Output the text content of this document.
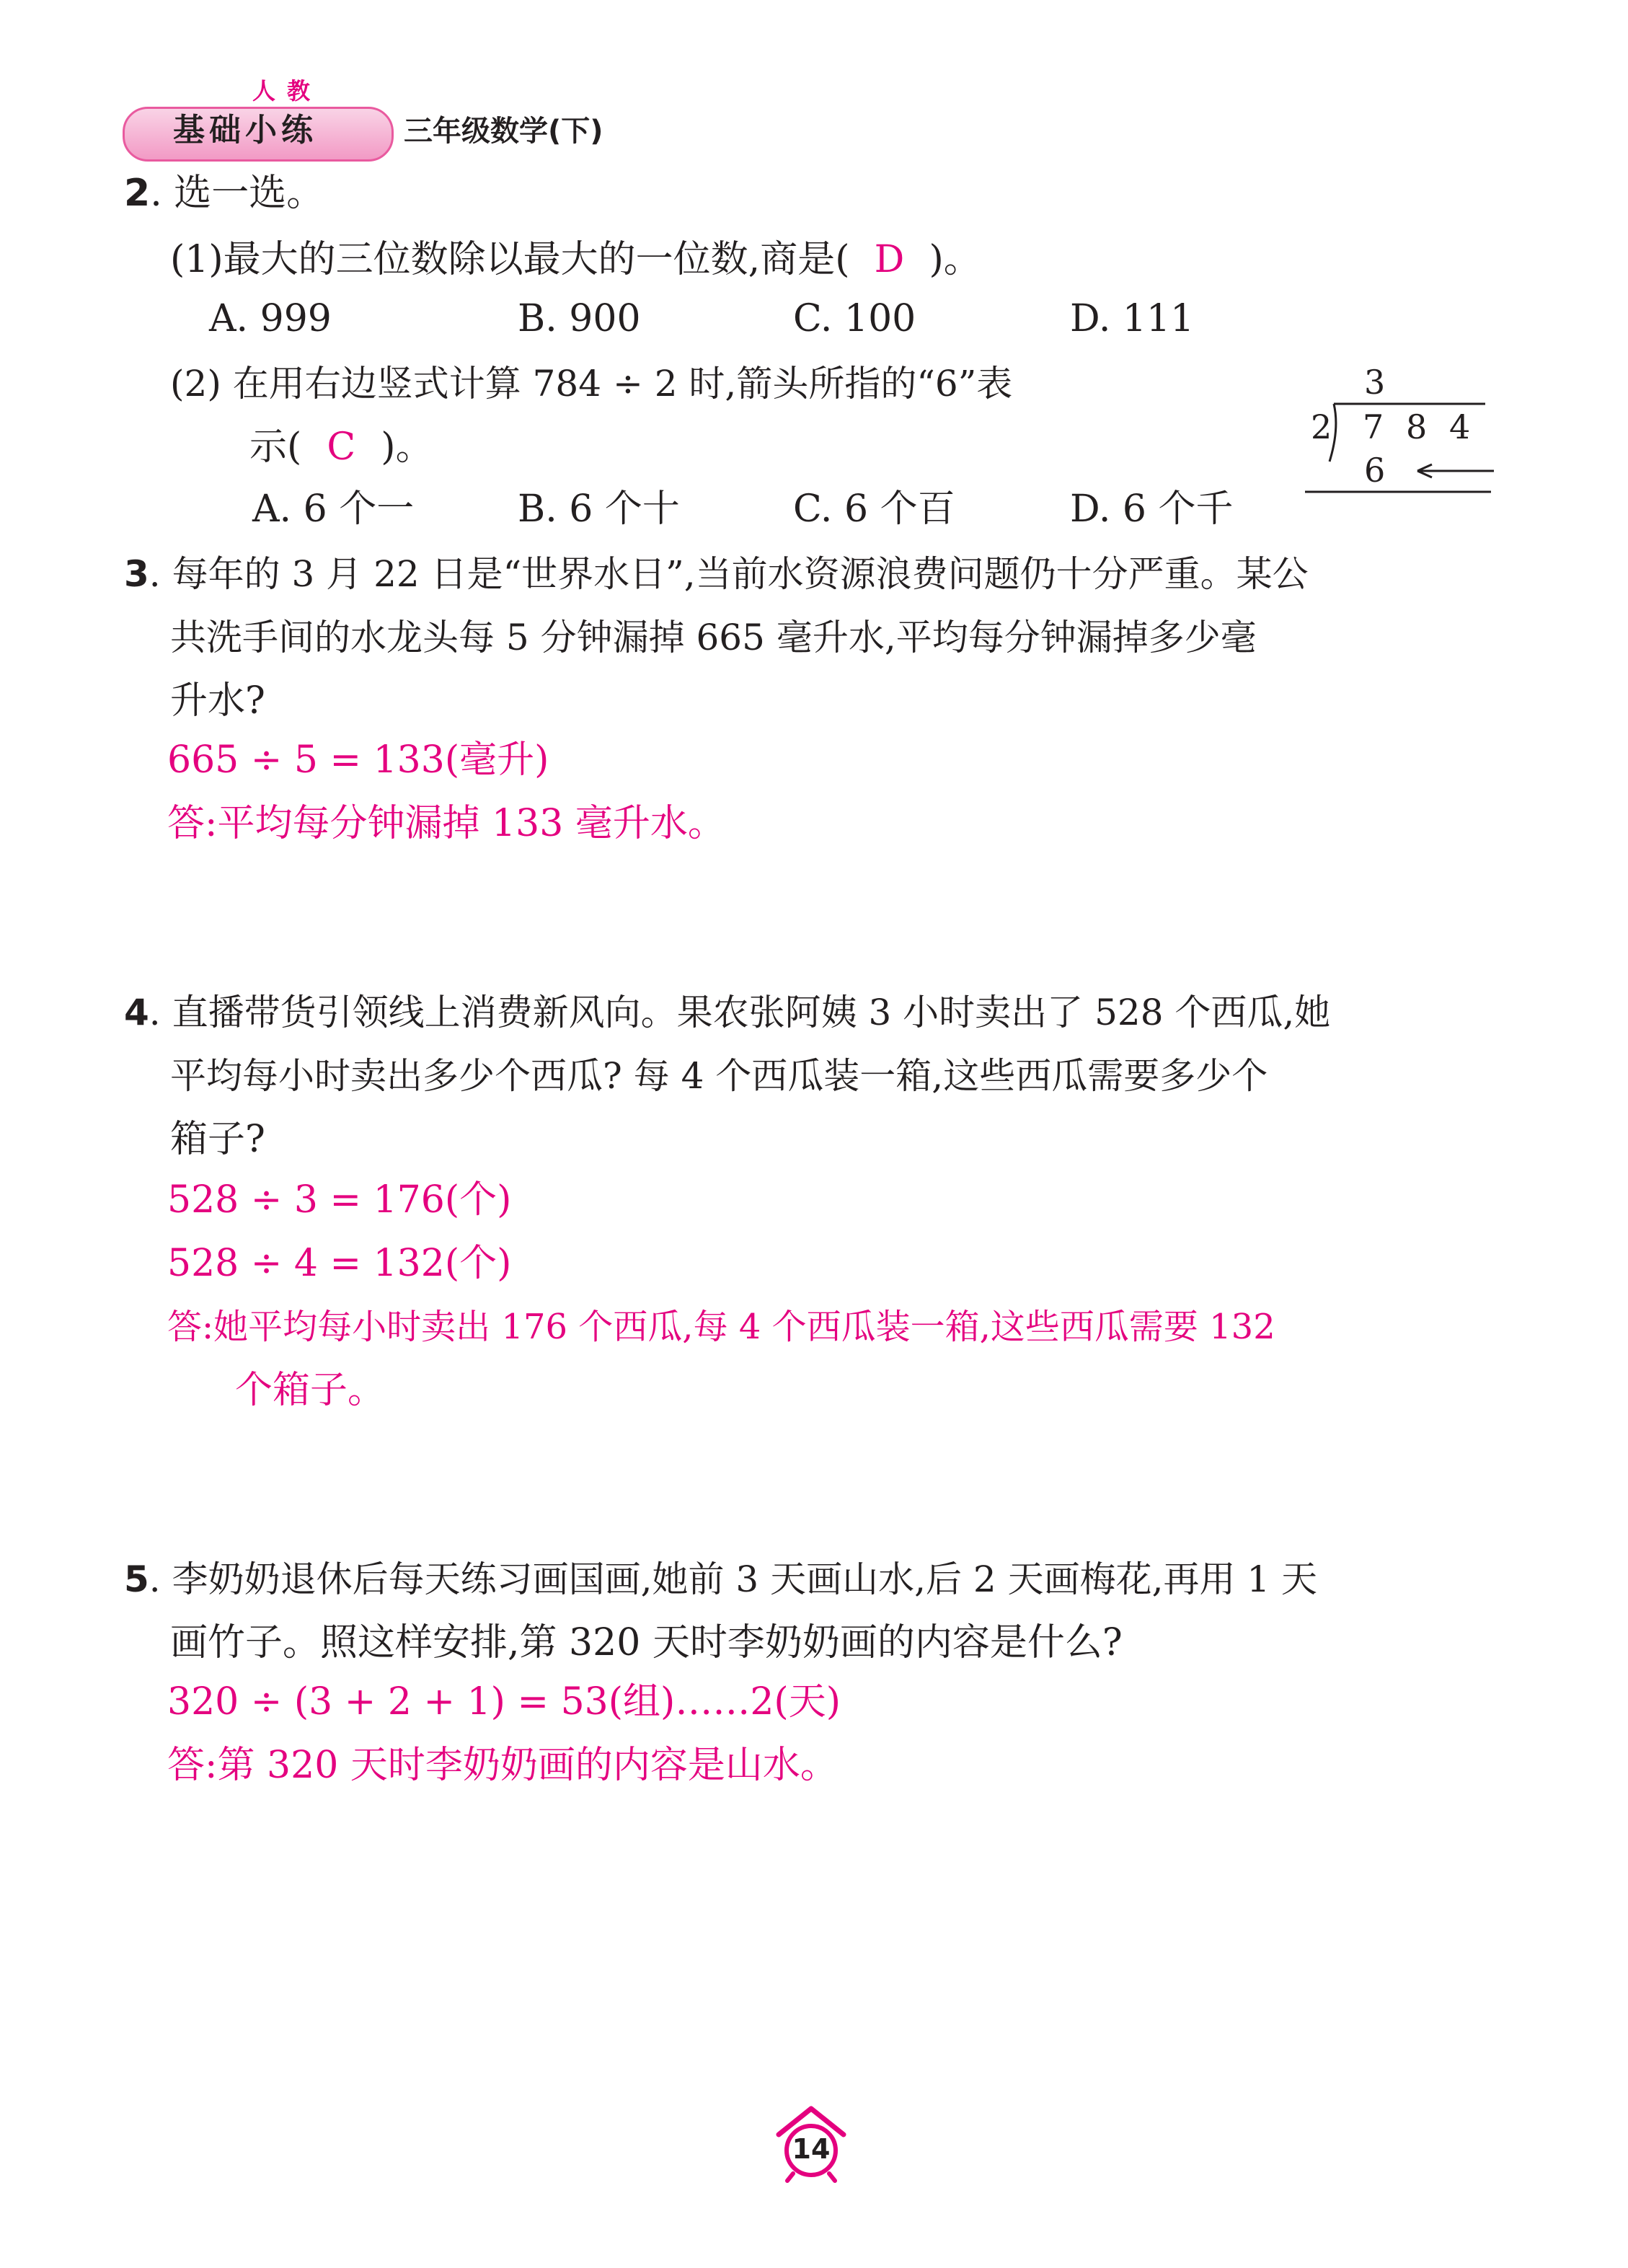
人教
基础小练	三年级数学(下)
2. 选一选。
(1)最大的三位数除以最大的一位数,商是( D )。
A. 999	B. 900	C. 100	D. 111
(2) 在用右边竖式计算 784 ÷ 2 时,箭头所指的“6”表
示( C )。
3
2 7 8 4
6
A. 6 个一	B. 6 个十	C. 6 个百	D. 6 个千
3. 每年的 3 月 22 日是“世界水日”,当前水资源浪费问题仍十分严重。某公
共洗手间的水龙头每 5 分钟漏掉 665 毫升水,平均每分钟漏掉多少毫
升水?
665 ÷ 5 = 133(毫升)
答:平均每分钟漏掉 133 毫升水。
4. 直播带货引领线上消费新风向。果农张阿姨 3 小时卖出了 528 个西瓜,她
平均每小时卖出多少个西瓜? 每 4 个西瓜装一箱,这些西瓜需要多少个
箱子?
528 ÷ 3 = 176(个)
528 ÷ 4 = 132(个)
答:她平均每小时卖出 176 个西瓜,每 4 个西瓜装一箱,这些西瓜需要 132
个箱子。
5. 李奶奶退休后每天练习画国画,她前 3 天画山水,后 2 天画梅花,再用 1 天
画竹子。照这样安排,第 320 天时李奶奶画的内容是什么?
320 ÷ (3 + 2 + 1) = 53(组)……2(天)
答:第 320 天时李奶奶画的内容是山水。
14
